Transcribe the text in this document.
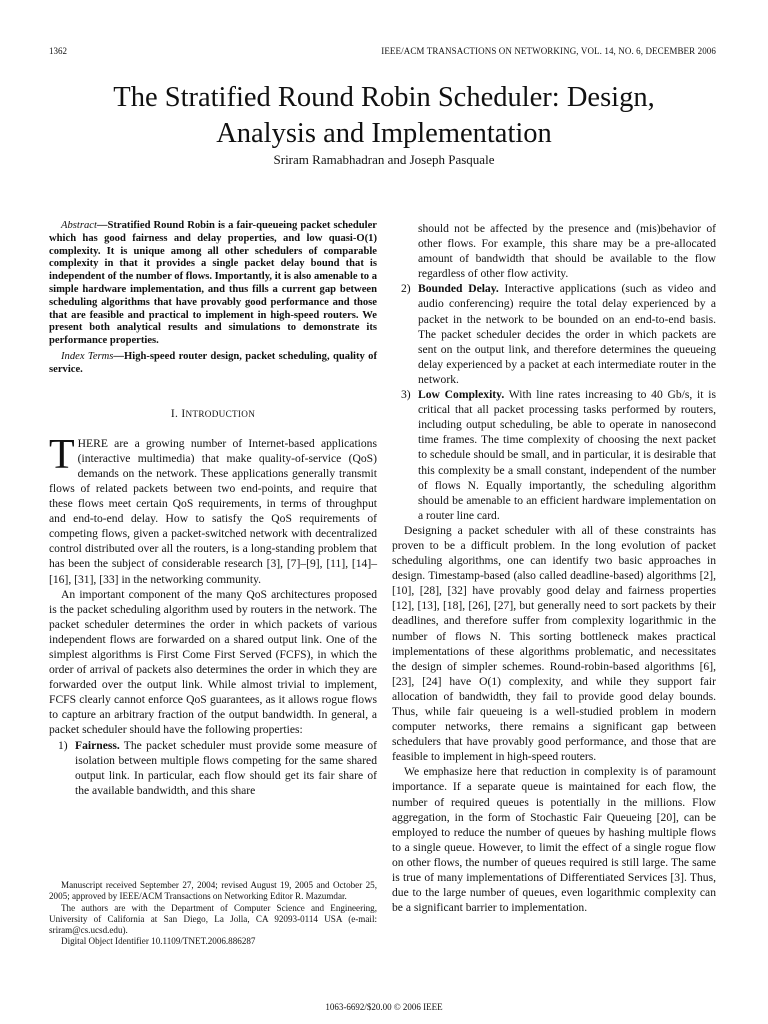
1362	IEEE/ACM TRANSACTIONS ON NETWORKING, VOL. 14, NO. 6, DECEMBER 2006
The Stratified Round Robin Scheduler: Design,
Analysis and Implementation
Sriram Ramabhadran and Joseph Pasquale

Abstract—Stratified Round Robin is a fair-queueing packet scheduler which has good fairness and delay properties, and low quasi-O(1) complexity. It is unique among all other schedulers of comparable complexity in that it provides a single packet delay bound that is independent of the number of flows. Importantly, it is also amenable to a simple hardware implementation, and thus fills a current gap between scheduling algorithms that have provably good performance and those that are feasible and practical to implement in high-speed routers. We present both analytical results and simulations to demonstrate its performance properties.

Index Terms—High-speed router design, packet scheduling, quality of service.

I. INTRODUCTION

THERE are a growing number of Internet-based applications (interactive multimedia) that make quality-of-service (QoS) demands on the network. These applications generally transmit flows of related packets between two end-points, and require that these flows meet certain QoS requirements, in terms of throughput and end-to-end delay. How to satisfy the QoS requirements of competing flows, given a packet-switched network with decentralized control distributed over all the routers, is a long-standing problem that has been the subject of considerable research [3], [7]–[9], [11], [14]–[16], [31], [33] in the networking community.

An important component of the many QoS architectures proposed is the packet scheduling algorithm used by routers in the network. The packet scheduler determines the order in which packets of various independent flows are forwarded on a shared output link. One of the simplest algorithms is First Come First Served (FCFS), in which the order of arrival of packets also determines the order in which they are forwarded over the output link. While almost trivial to implement, FCFS clearly cannot enforce QoS guarantees, as it allows rogue flows to capture an arbitrary fraction of the output bandwidth. In general, a packet scheduler should have the following properties:

1) Fairness. The packet scheduler must provide some measure of isolation between multiple flows competing for the same shared output link. In particular, each flow should get its fair share of the available bandwidth, and this share

Manuscript received September 27, 2004; revised August 19, 2005 and October 25, 2005; approved by IEEE/ACM Transactions on Networking Editor R. Mazumdar.

The authors are with the Department of Computer Science and Engineering, University of California at San Diego, La Jolla, CA 92093-0114 USA (e-mail: sriram@cs.ucsd.edu).

Digital Object Identifier 10.1109/TNET.2006.886287

should not be affected by the presence and (mis)behavior of other flows. For example, this share may be a pre-allocated amount of bandwidth that should be available to the flow regardless of other flow activity.

2) Bounded Delay. Interactive applications (such as video and audio conferencing) require the total delay experienced by a packet in the network to be bounded on an end-to-end basis. The packet scheduler decides the order in which packets are sent on the output link, and therefore determines the queueing delay experienced by a packet at each intermediate router in the network.
3) Low Complexity. With line rates increasing to 40 Gb/s, it is critical that all packet processing tasks performed by routers, including output scheduling, be able to operate in nanosecond time frames. The time complexity of choosing the next packet to schedule should be small, and in particular, it is desirable that this complexity be a small constant, independent of the number of flows N. Equally importantly, the scheduling algorithm should be amenable to an efficient hardware implementation on a router line card.

Designing a packet scheduler with all of these constraints has proven to be a difficult problem. In the long evolution of packet scheduling algorithms, one can identify two basic approaches in design. Timestamp-based (also called deadline-based) algorithms [2], [10], [28], [32] have provably good delay and fairness properties [12], [13], [18], [26], [27], but generally need to sort packets by their deadlines, and therefore suffer from complexity logarithmic in the number of flows N. This sorting bottleneck makes practical implementations of these algorithms problematic, and necessitates the design of simpler schemes. Round-robin-based algorithms [6], [23], [24] have O(1) complexity, and while they support fair allocation of bandwidth, they fail to provide good delay bounds. Thus, while fair queueing is a well-studied problem in modern computer networks, there remains a significant gap between schedulers that have provably good performance, and those that are feasible to implement in high-speed routers.

We emphasize here that reduction in complexity is of paramount importance. If a separate queue is maintained for each flow, the number of required queues is potentially in the millions. Flow aggregation, in the form of Stochastic Fair Queueing [20], can be employed to reduce the number of queues by hashing multiple flows to a single queue. However, to limit the effect of a single rogue flow on other flows, the number of queues required is still large. The same is true of many implementations of Differentiated Services [3]. Thus, due to the large number of queues, even logarithmic complexity can be a significant barrier to implementation.

1063-6692/$20.00 © 2006 IEEE
